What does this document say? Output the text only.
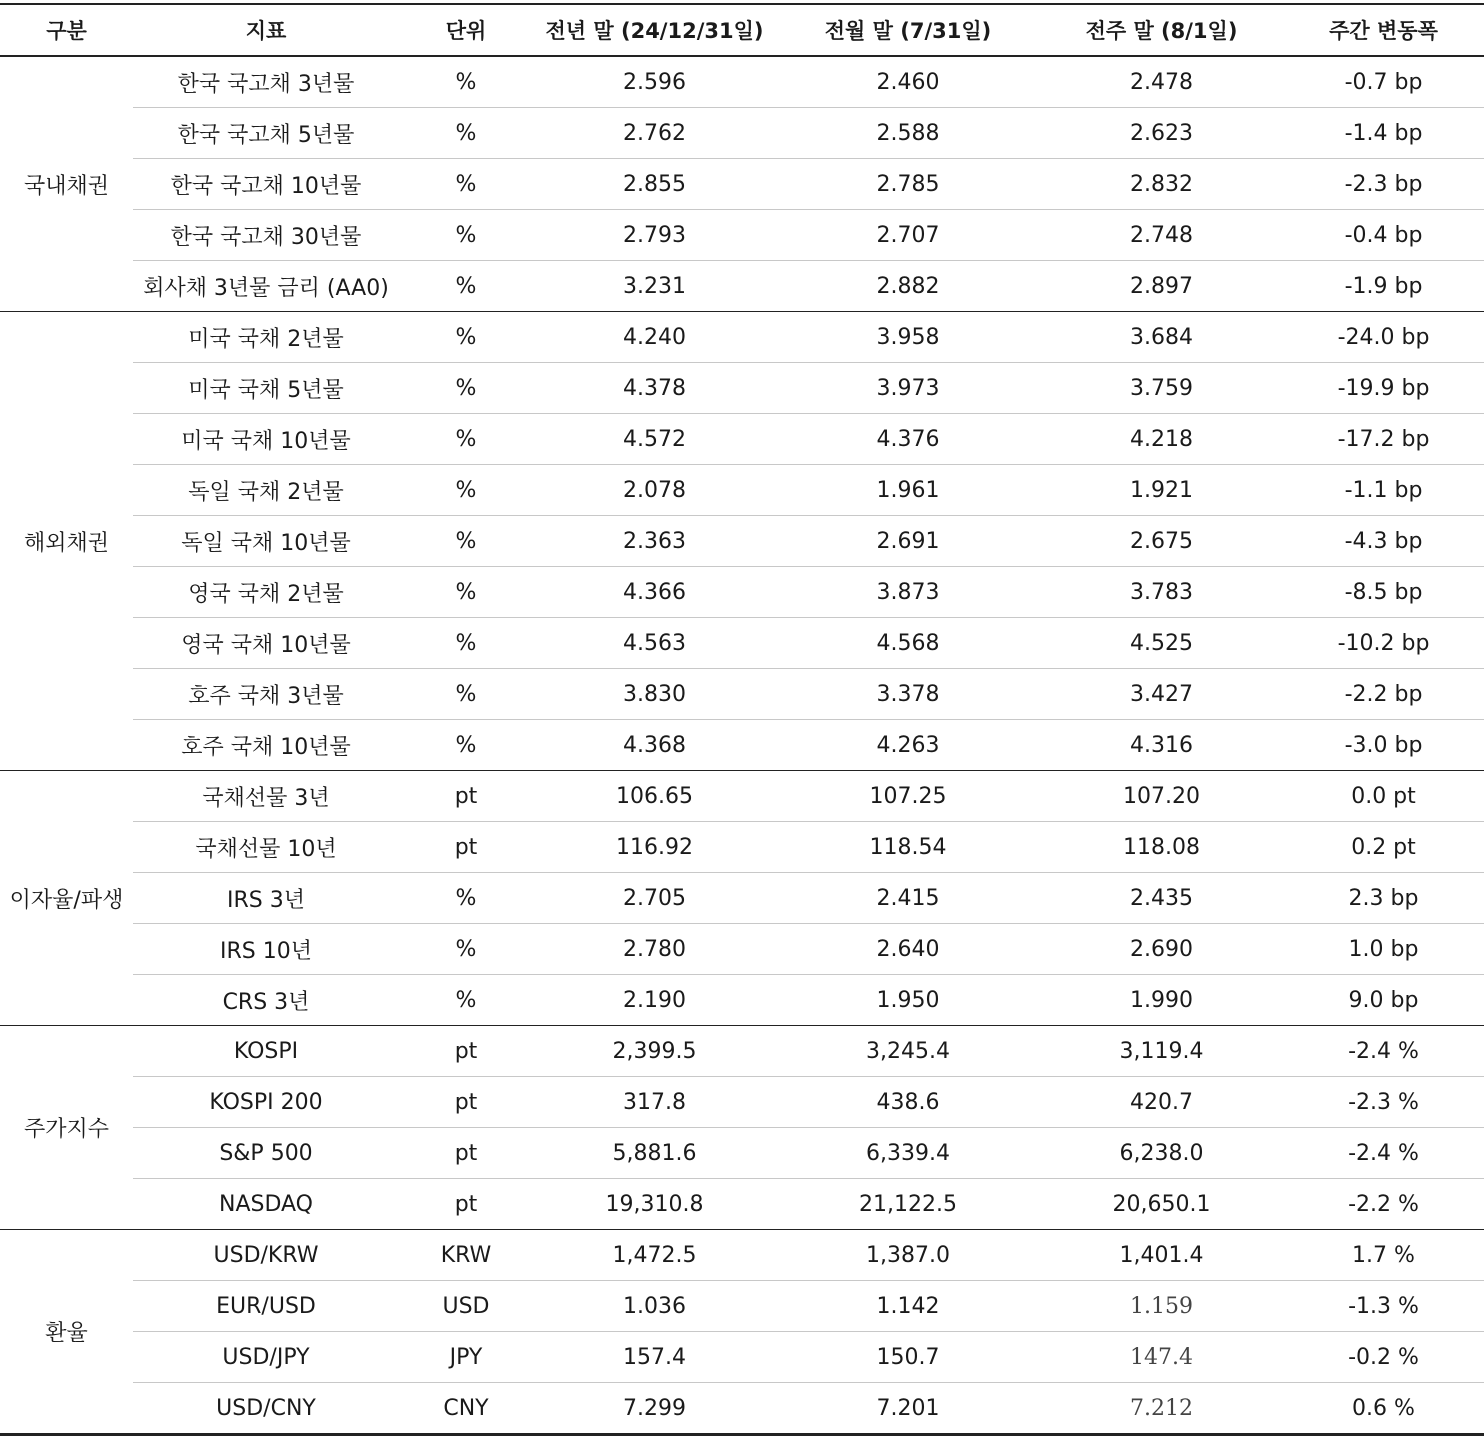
구분	지표	단위	전년 말 (24/12/31일)	전월 말 (7/31일)	전주 말 (8/1일)	주간 변동폭
국내채권	한국 국고채 3년물	%	2.596	2.460	2.478	-0.7 bp
	한국 국고채 5년물	%	2.762	2.588	2.623	-1.4 bp
	한국 국고채 10년물	%	2.855	2.785	2.832	-2.3 bp
	한국 국고채 30년물	%	2.793	2.707	2.748	-0.4 bp
	회사채 3년물 금리 (AA0)	%	3.231	2.882	2.897	-1.9 bp
해외채권	미국 국채 2년물	%	4.240	3.958	3.684	-24.0 bp
	미국 국채 5년물	%	4.378	3.973	3.759	-19.9 bp
	미국 국채 10년물	%	4.572	4.376	4.218	-17.2 bp
	독일 국채 2년물	%	2.078	1.961	1.921	-1.1 bp
	독일 국채 10년물	%	2.363	2.691	2.675	-4.3 bp
	영국 국채 2년물	%	4.366	3.873	3.783	-8.5 bp
	영국 국채 10년물	%	4.563	4.568	4.525	-10.2 bp
	호주 국채 3년물	%	3.830	3.378	3.427	-2.2 bp
	호주 국채 10년물	%	4.368	4.263	4.316	-3.0 bp
이자율/파생	국채선물 3년	pt	106.65	107.25	107.20	0.0 pt
	국채선물 10년	pt	116.92	118.54	118.08	0.2 pt
	IRS 3년	%	2.705	2.415	2.435	2.3 bp
	IRS 10년	%	2.780	2.640	2.690	1.0 bp
	CRS 3년	%	2.190	1.950	1.990	9.0 bp
주가지수	KOSPI	pt	2,399.5	3,245.4	3,119.4	-2.4 %
	KOSPI 200	pt	317.8	438.6	420.7	-2.3 %
	S&P 500	pt	5,881.6	6,339.4	6,238.0	-2.4 %
	NASDAQ	pt	19,310.8	21,122.5	20,650.1	-2.2 %
환율	USD/KRW	KRW	1,472.5	1,387.0	1,401.4	1.7 %
	EUR/USD	USD	1.036	1.142	1.159	-1.3 %
	USD/JPY	JPY	157.4	150.7	147.4	-0.2 %
	USD/CNY	CNY	7.299	7.201	7.212	0.6 %
